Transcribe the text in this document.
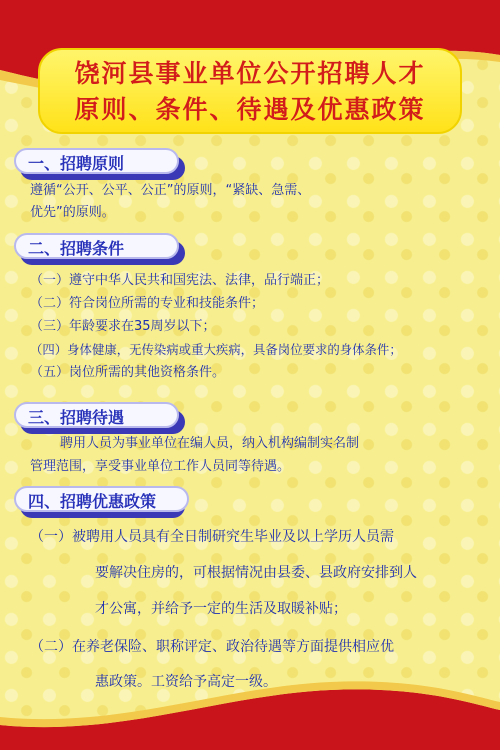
饶河县事业单位公开招聘人才
原则、条件、待遇及优惠政策
一、招聘原则
遵循“公开、公平、公正”的原则，“紧缺、急需、
优先”的原则。
二、招聘条件
（一）遵守中华人民共和国宪法、法律，品行端正；
（二）符合岗位所需的专业和技能条件；
（三）年龄要求在35周岁以下；
（四）身体健康，无传染病或重大疾病，具备岗位要求的身体条件；
（五）岗位所需的其他资格条件。
三、招聘待遇
聘用人员为事业单位在编人员，纳入机构编制实名制
管理范围，享受事业单位工作人员同等待遇。
四、招聘优惠政策
（一）被聘用人员具有全日制研究生毕业及以上学历人员需
要解决住房的，可根据情况由县委、县政府安排到人
才公寓，并给予一定的生活及取暖补贴；
（二）在养老保险、职称评定、政治待遇等方面提供相应优
惠政策。工资给予高定一级。
